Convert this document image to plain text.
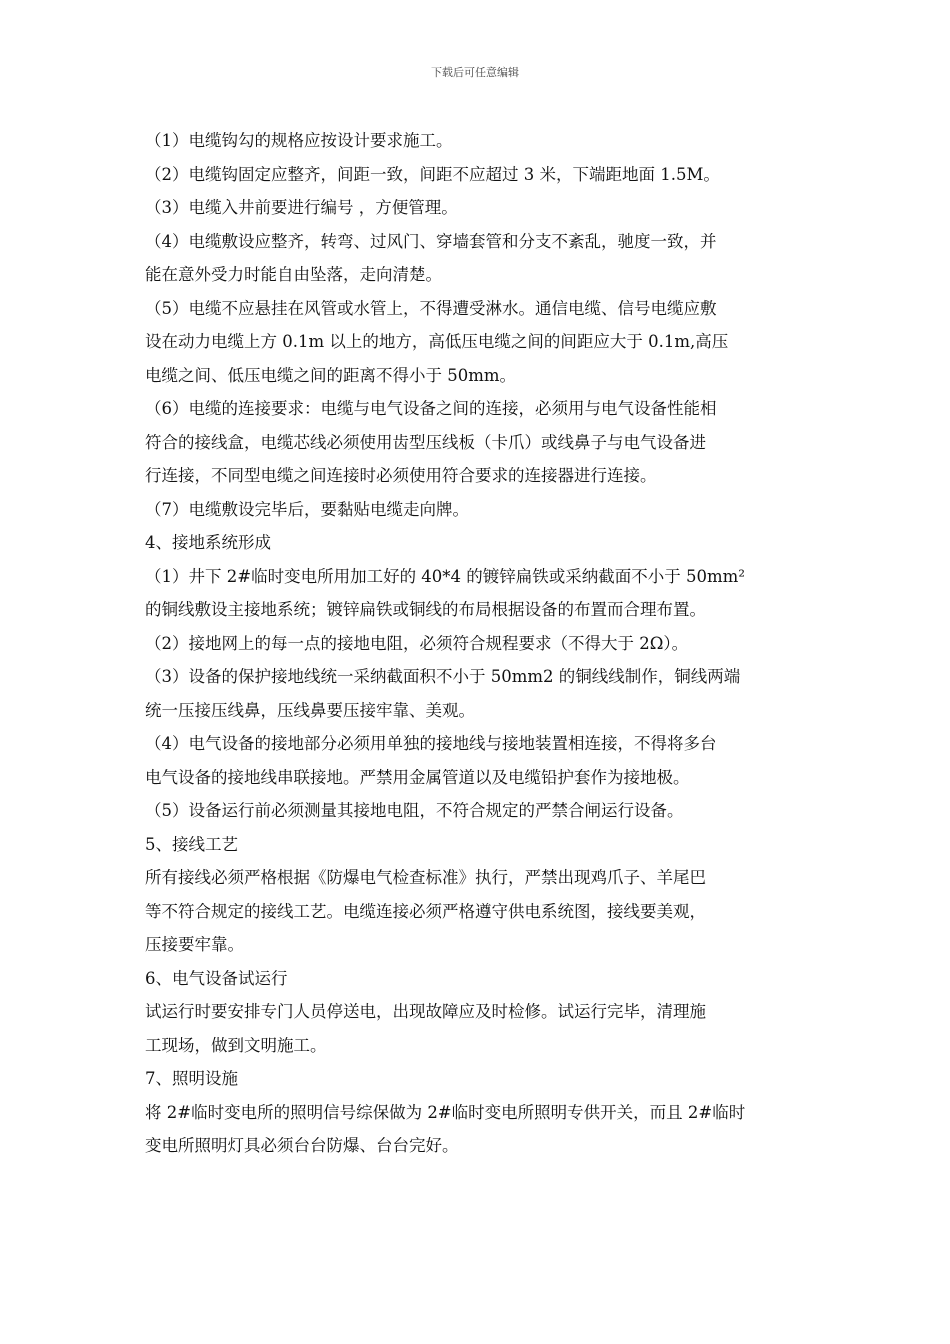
下载后可任意编辑
（1）电缆钩勾的规格应按设计要求施工。
（2）电缆钩固定应整齐，间距一致，间距不应超过 3 米，下端距地面 1.5M。
（3）电缆入井前要进行编号 ，方便管理。
（4）电缆敷设应整齐，转弯、过风门、穿墙套管和分支不紊乱，驰度一致，并
能在意外受力时能自由坠落，走向清楚。
（5）电缆不应悬挂在风管或水管上，不得遭受淋水。通信电缆、信号电缆应敷
设在动力电缆上方 0.1m 以上的地方，高低压电缆之间的间距应大于 0.1m,高压
电缆之间、低压电缆之间的距离不得小于 50mm。
（6）电缆的连接要求：电缆与电气设备之间的连接，必须用与电气设备性能相
符合的接线盒，电缆芯线必须使用齿型压线板（卡爪）或线鼻子与电气设备进
行连接，不同型电缆之间连接时必须使用符合要求的连接器进行连接。
（7）电缆敷设完毕后，要黏贴电缆走向牌。
4、接地系统形成
（1）井下 2#临时变电所用加工好的 40*4 的镀锌扁铁或采纳截面不小于 50mm²
的铜线敷设主接地系统；镀锌扁铁或铜线的布局根据设备的布置而合理布置。
（2）接地网上的每一点的接地电阻，必须符合规程要求（不得大于 2Ω）。
（3）设备的保护接地线统一采纳截面积不小于 50mm2 的铜线线制作，铜线两端
统一压接压线鼻，压线鼻要压接牢靠、美观。
（4）电气设备的接地部分必须用单独的接地线与接地装置相连接，不得将多台
电气设备的接地线串联接地。严禁用金属管道以及电缆铅护套作为接地极。
（5）设备运行前必须测量其接地电阻，不符合规定的严禁合闸运行设备。
5、接线工艺
所有接线必须严格根据《防爆电气检查标准》执行，严禁出现鸡爪子、羊尾巴
等不符合规定的接线工艺。电缆连接必须严格遵守供电系统图，接线要美观，
压接要牢靠。
6、电气设备试运行
试运行时要安排专门人员停送电，出现故障应及时检修。试运行完毕，清理施
工现场，做到文明施工。
7、照明设施
将 2#临时变电所的照明信号综保做为 2#临时变电所照明专供开关，而且 2#临时
变电所照明灯具必须台台防爆、台台完好。
